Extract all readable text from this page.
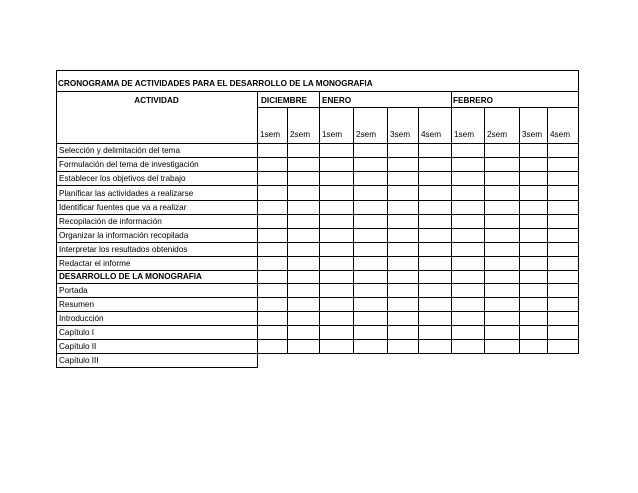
CRONOGRAMA DE ACTIVIDADES PARA EL DESARROLLO DE LA MONOGRAFIA
ACTIVIDAD	DICIEMBRE ENERO	FEBRERO
1sem 2sem 1sem 2sem 3sem 4sem 1sem 2sem 3sem 4sem
Selección y delimitación del tema
Formulación del tema de investigación
Establecer los objetivos del trabajo
Planificar las actividades a realizarse
Identificar fuentes que va a realizar
Recopilación de información
Organizar la información recopilada
Interpretar los resultados obtenidos
Redactar el informe
DESARROLLO DE LA MONOGRAFIA
Portada
Resumen
Introducción
Capítulo I
Capítulo II
Capítulo III
